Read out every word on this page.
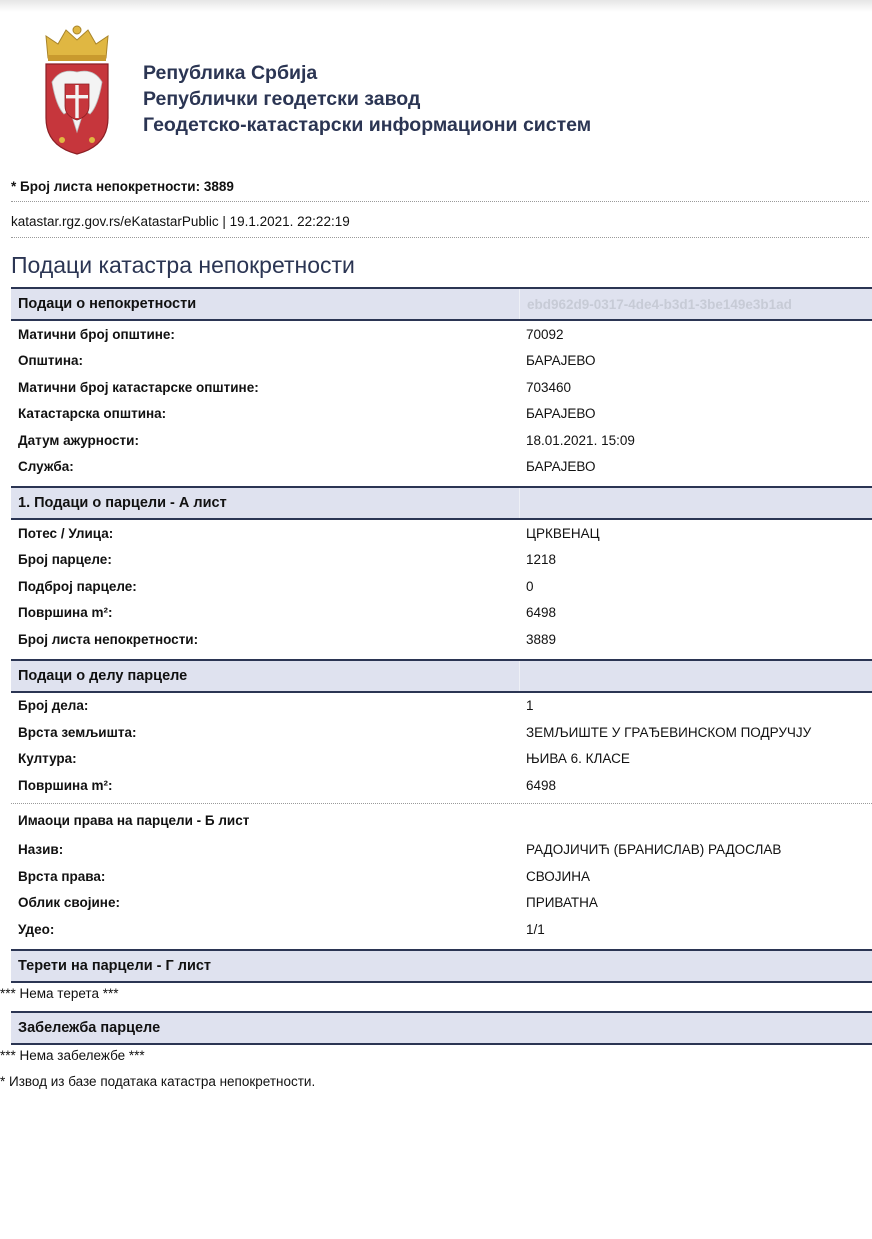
Република Србија
Републички геодетски завод
Геодетско-катастарски информациони систем
* Број листа непокретности: 3889
katastar.rgz.gov.rs/eKatastarPublic | 19.1.2021. 22:22:19
Подаци катастра непокретности
Подаци о непокретности	ebd962d9-0317-4de4-b3d1-3be149e3b1ad
Матични број општине:	70092
Општина:	БАРАЈЕВО
Матични број катастарске општине:	703460
Катастарска општина:	БАРАЈЕВО
Датум ажурности:	18.01.2021. 15:09
Служба:	БАРАЈЕВО
1. Подаци о парцели - А лист
Потес / Улица:	ЦРКВЕНАЦ
Број парцеле:	1218
Подброј парцеле:	0
Површина m²:	6498
Број листа непокретности:	3889
Подаци о делу парцеле
Број дела:	1
Врста земљишта:	ЗЕМЉИШТЕ У ГРАЂЕВИНСКОМ ПОДРУЧЈУ
Култура:	ЊИВА 6. КЛАСЕ
Површина m²:	6498
Имаоци права на парцели - Б лист
Назив:	РАДОЈИЧИЋ (БРАНИСЛАВ) РАДОСЛАВ
Врста права:	СВОЈИНА
Облик својине:	ПРИВАТНА
Удео:	1/1
Терети на парцели - Г лист
*** Нема терета ***
Забележба парцеле
*** Нема забележбе ***
* Извод из базе података катастра непокретности.
